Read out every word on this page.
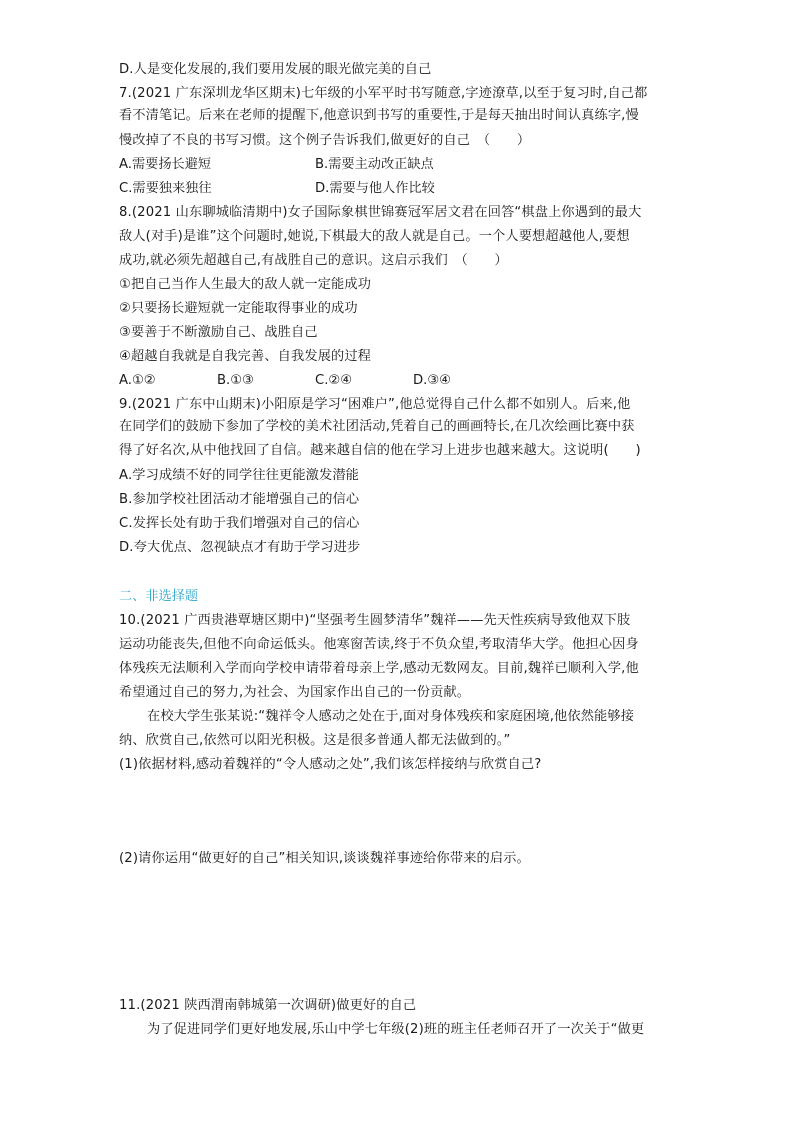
D.人是变化发展的,我们要用发展的眼光做完美的自己
7.(2021 广东深圳龙华区期末)七年级的小军平时书写随意,字迹潦草,以至于复习时,自己都
看不清笔记。后来在老师的提醒下,他意识到书写的重要性,于是每天抽出时间认真练字,慢
慢改掉了不良的书写习惯。这个例子告诉我们,做更好的自己　（　　）
A.需要扬长避短	B.需要主动改正缺点
C.需要独来独往	D.需要与他人作比较
8.(2021 山东聊城临清期中)女子国际象棋世锦赛冠军居文君在回答“棋盘上你遇到的最大
敌人(对手)是谁”这个问题时,她说,下棋最大的敌人就是自己。一个人要想超越他人,要想
成功,就必须先超越自己,有战胜自己的意识。这启示我们　（　　）
①把自己当作人生最大的敌人就一定能成功
②只要扬长避短就一定能取得事业的成功
③要善于不断激励自己、战胜自己
④超越自我就是自我完善、自我发展的过程
A.①②	B.①③	C.②④	D.③④
9.(2021 广东中山期末)小阳原是学习“困难户”,他总觉得自己什么都不如别人。后来,他
在同学们的鼓励下参加了学校的美术社团活动,凭着自己的画画特长,在几次绘画比赛中获
得了好名次,从中他找回了自信。越来越自信的他在学习上进步也越来越大。这说明(　　)
A.学习成绩不好的同学往往更能激发潜能
B.参加学校社团活动才能增强自己的信心
C.发挥长处有助于我们增强对自己的信心
D.夸大优点、忽视缺点才有助于学习进步
二、非选择题
10.(2021 广西贵港覃塘区期中)“坚强考生圆梦清华”魏祥——先天性疾病导致他双下肢
运动功能丧失,但他不向命运低头。他寒窗苦读,终于不负众望,考取清华大学。他担心因身
体残疾无法顺利入学而向学校申请带着母亲上学,感动无数网友。目前,魏祥已顺利入学,他
希望通过自己的努力,为社会、为国家作出自己的一份贡献。
在校大学生张某说:“魏祥令人感动之处在于,面对身体残疾和家庭困境,他依然能够接
纳、欣赏自己,依然可以阳光积极。这是很多普通人都无法做到的。”
(1)依据材料,感动着魏祥的“令人感动之处”,我们该怎样接纳与欣赏自己?
(2)请你运用“做更好的自己”相关知识,谈谈魏祥事迹给你带来的启示。
11.(2021 陕西渭南韩城第一次调研)做更好的自己
为了促进同学们更好地发展,乐山中学七年级(2)班的班主任老师召开了一次关于“做更
